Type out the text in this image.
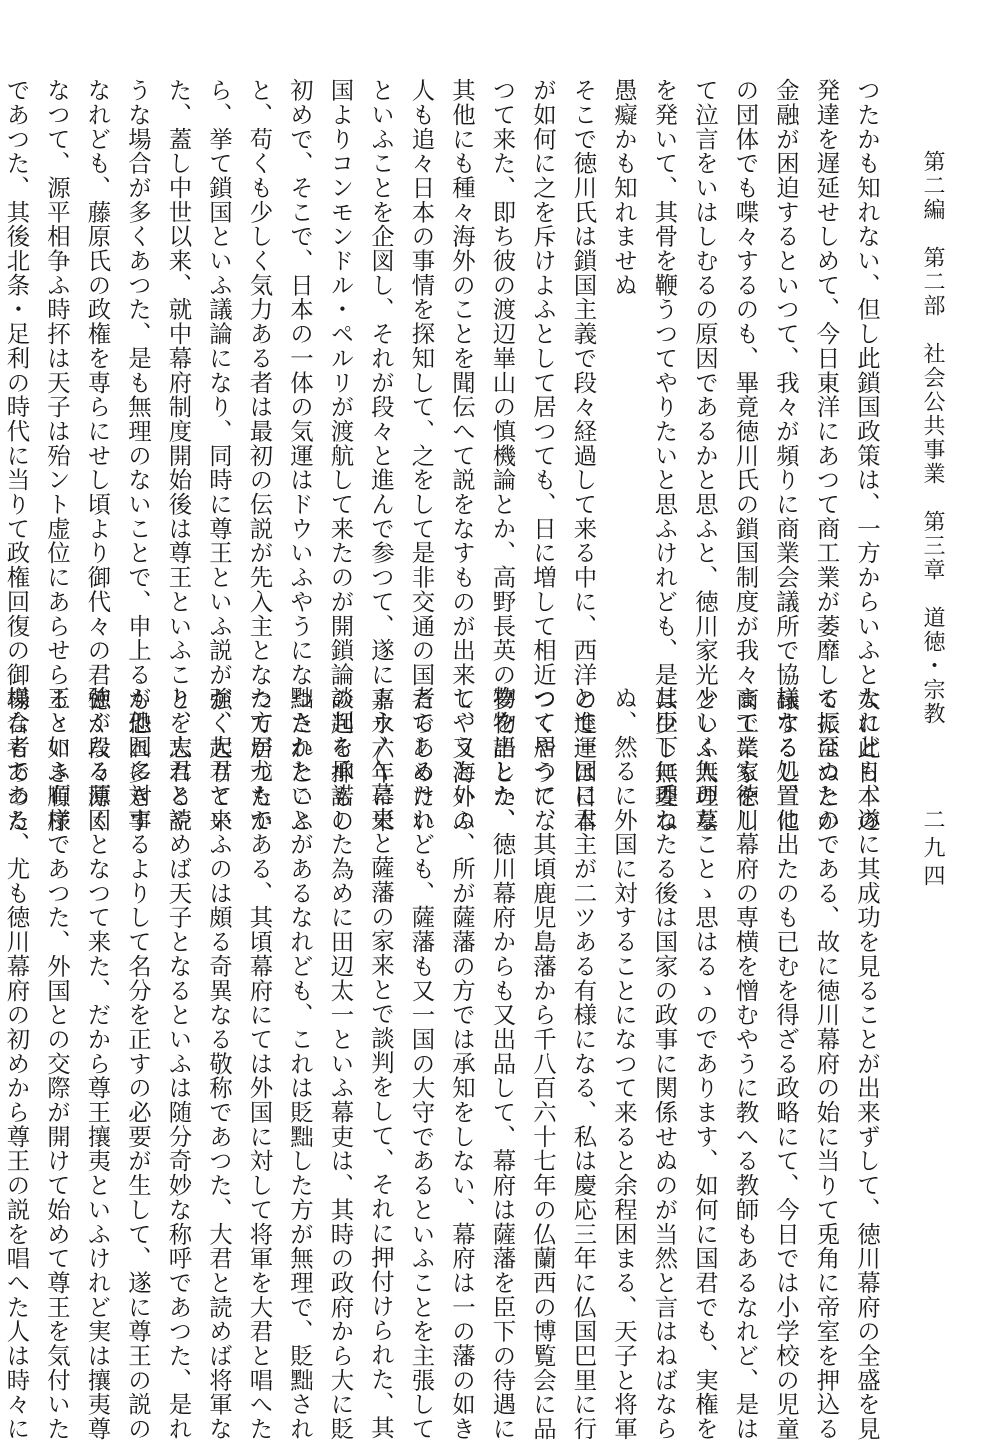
第二編　第二部　社会公共事業　第三章　道徳・宗教
二九四

つたかも知れない、但し此鎖国政策は、一方からいふと大に此日本の

発達を遅延せしめて、今日東洋にあつて商工業が萎靡して振はぬとか

金融が困迫するといつて、我々が頻りに商業会議所で協議するし、他

の団体でも喋々するのも、畢竟徳川氏の鎖国制度が我々商工業家をし

て泣言をいはしむるの原因であるかと思ふと、徳川家光といふ人の墓

を発いて、其骨を鞭うつてやりたいと思ふけれども、是は少し無理な

愚癡かも知れませぬ

そこで徳川氏は鎖国主義で段々経過して来る中に、西洋の進運は日本

が如何に之を斥けよふとして居つても、日に増して相近つくやうにな

つて来た、即ち彼の渡辺崋山の慎機論とか、高野長英の夢物語とか、

其他にも種々海外のことを聞伝へて説をなすものが出来て、又海外の

人も追々日本の事情を探知して、之をして是非交通の国たらしめたい

といふことを企図し、それが段々と進んで参つて、遂に嘉永六年に米

国よりコンモンドル・ペルリが渡航して来たのが開鎖論の起る抑もの

初めで、そこで、日本の一体の気運はドウいふやうになつたかといふ

と、苟くも少しく気力ある者は最初の伝説が先入主となつて居つたか

ら、挙て鎖国といふ議論になり、同時に尊王といふ説が強く起りて来

た、蓋し中世以来、就中幕府制度開始後は尊王といふことを忘れるや

うな場合が多くあつた、是も無理のないことで、申上るも恐れ多き事

なれども、藤原氏の政権を専らにせし頃より御代々の君徳が段々薄く

なつて、源平相争ふ時抔は天子は殆ント虚位にあらせらるゝ如き有様

であつた、其後北条・足利の時代に当りて政権回復の御場合もあつた

なれども、遂に其成功を見ることが出来ずして、徳川幕府の全盛を見

るに至つたのである、故に徳川幕府の始に当りて兎角に帝室を押込る

様なる処置に出たのも已むを得ざる政略にて、今日では小学校の児童

までにも徳川幕府の専横を憎むやうに教へる教師もあるなれど、是は

少しく無理なことゝ思はるゝのであります、如何に国君でも、実権を

其臣下に委ねたる後は国家の政事に関係せぬのが当然と言はねばなら

ぬ、然るに外国に対することになつて来ると余程困まる、天子と将軍

とで一国に君主が二ツある有様になる、私は慶応三年に仏国巴里に行

つて居つて、其頃鹿児島藩から千八百六十七年の仏蘭西の博覧会に品

物を出した、徳川幕府からも又出品して、幕府は薩藩を臣下の待遇に

しやうといふ、所が薩藩の方では承知をしない、幕府は一の藩の如き

者であるけれども、薩藩も又一国の大守であるといふことを主張して

トウ〳〵幕吏と薩藩の家来とで談判をして、それに押付けられた、其

談判を承諾した為めに田辺太一といふ幕吏は、其時の政府から大に貶

黜されたことがあるなれども、これは貶黜した方が無理で、貶黜され

た方が尤もである、其頃幕府にては外国に対して将軍を大君と唱へた

が、大君といふのは頗る奇異なる敬称であつた、大君と読めば将軍な

り、大君と読めば天子となるといふは随分奇妙な称呼であつた、是れ

が他国に対するよりして名分を正すの必要が生して、遂に尊王の説の

強くなる原因となつて来た、だから尊王攘夷といふけれど実は攘夷尊

王といふ順序であつた、外国との交際が開けて始めて尊王を気付いた

様な者である、尤も徳川幕府の初めから尊王の説を唱へた人は時々に
